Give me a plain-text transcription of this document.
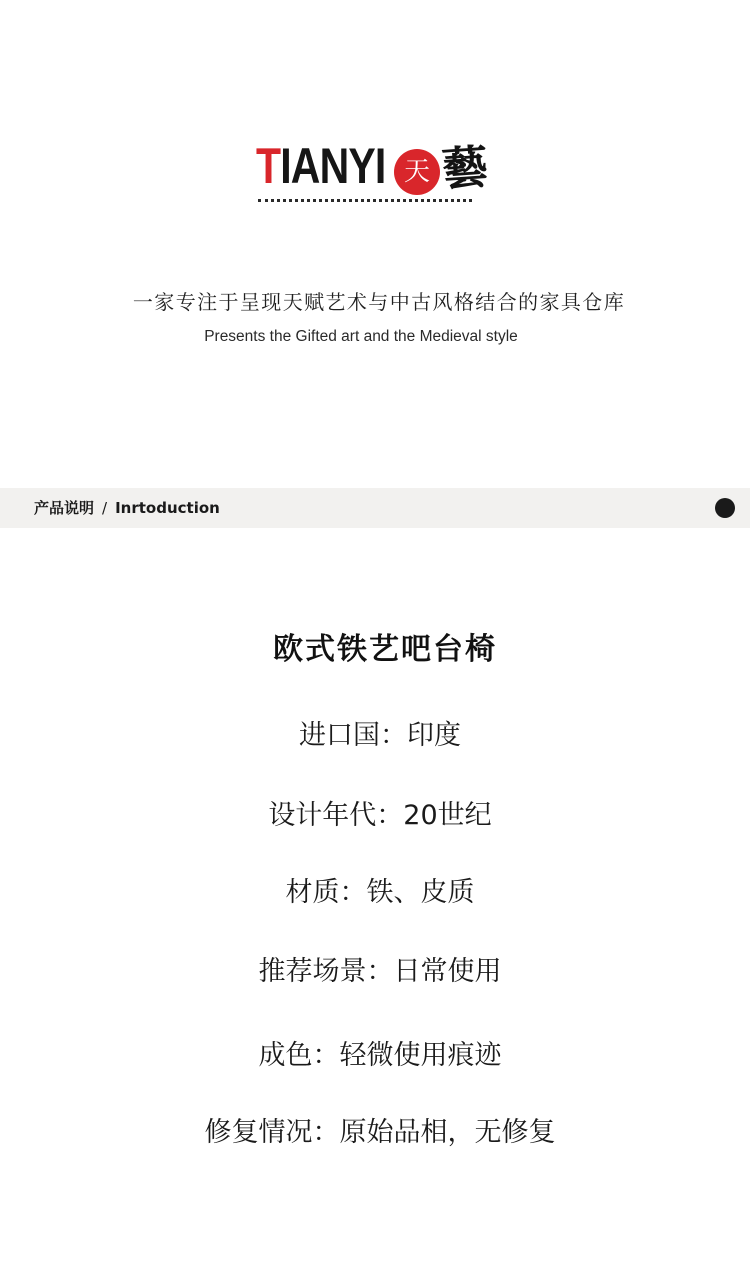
TIANYI 天 藝
一家专注于呈现天赋艺术与中古风格结合的家具仓库
Presents the Gifted art and the Medieval style
产品说明 / Inrtoduction
欧式铁艺吧台椅
进口国：印度
设计年代：20世纪
材质：铁、皮质
推荐场景：日常使用
成色：轻微使用痕迹
修复情况：原始品相，无修复
